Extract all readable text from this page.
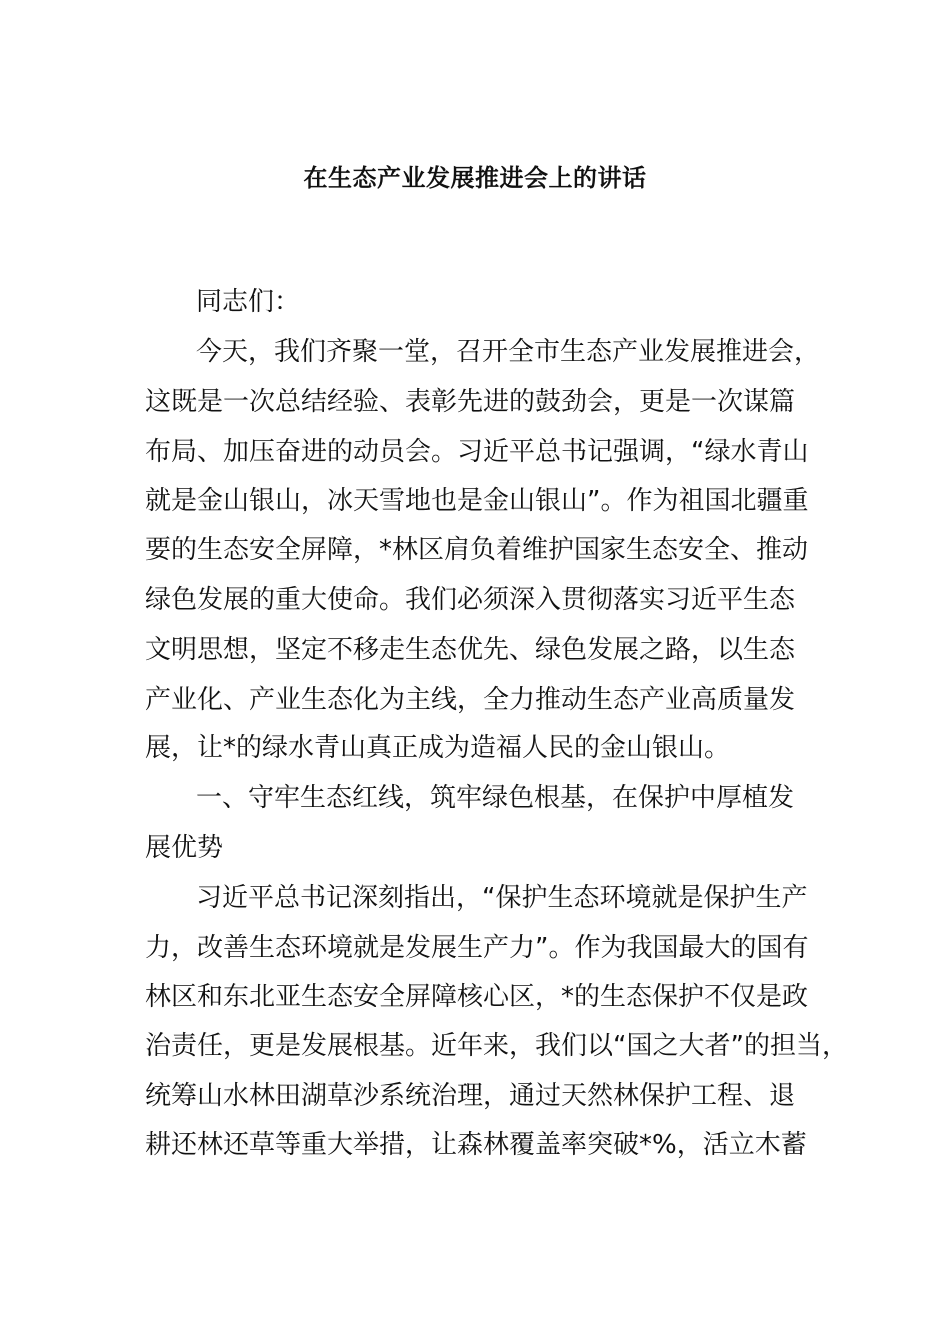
在生态产业发展推进会上的讲话
同志们：
今天，我们齐聚一堂，召开全市生态产业发展推进会，
这既是一次总结经验、表彰先进的鼓劲会，更是一次谋篇
布局、加压奋进的动员会。习近平总书记强调，“绿水青山
就是金山银山，冰天雪地也是金山银山”。作为祖国北疆重
要的生态安全屏障，*林区肩负着维护国家生态安全、推动
绿色发展的重大使命。我们必须深入贯彻落实习近平生态
文明思想，坚定不移走生态优先、绿色发展之路，以生态
产业化、产业生态化为主线，全力推动生态产业高质量发
展，让*的绿水青山真正成为造福人民的金山银山。
一、守牢生态红线，筑牢绿色根基，在保护中厚植发
展优势
习近平总书记深刻指出，“保护生态环境就是保护生产
力，改善生态环境就是发展生产力”。作为我国最大的国有
林区和东北亚生态安全屏障核心区，*的生态保护不仅是政
治责任，更是发展根基。近年来，我们以“国之大者”的担当，
统筹山水林田湖草沙系统治理，通过天然林保护工程、退
耕还林还草等重大举措，让森林覆盖率突破*%，活立木蓄
